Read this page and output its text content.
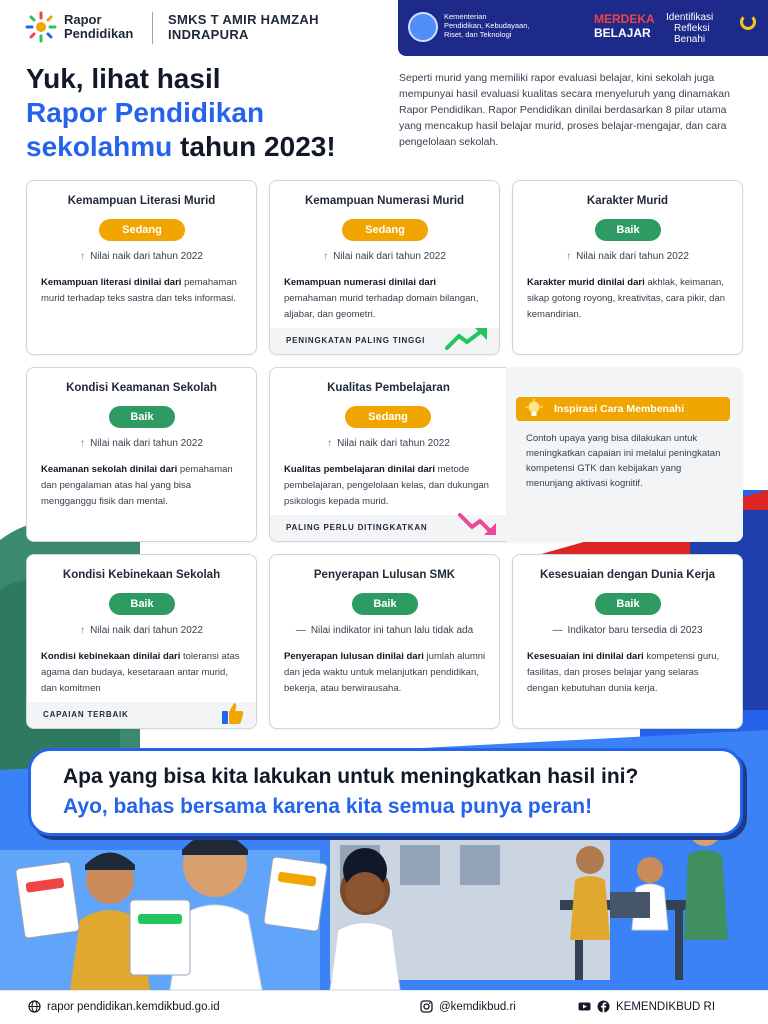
Rapor
Pendidikan
SMKS T AMIR HAMZAH
INDRAPURA
Kementerian
Pendidikan, Kebudayaan,
Riset, dan Teknologi
MERDEKA
BELAJAR
Identifikasi
Refleksi
Benahi
Yuk, lihat hasil
Rapor Pendidikan
sekolahmu tahun 2023!
Seperti murid yang memiliki rapor evaluasi belajar, kini sekolah juga mempunyai hasil evaluasi kualitas secara menyeluruh yang dinamakan Rapor Pendidikan. Rapor Pendidikan dinilai berdasarkan 8 pilar utama yang mencakup hasil belajar murid, proses belajar-mengajar, dan cara pengelolaan sekolah.
Kemampuan Literasi Murid
Sedang
↑ Nilai naik dari tahun 2022
Kemampuan literasi dinilai dari pemahaman murid terhadap teks sastra dan teks informasi.
Kemampuan Numerasi Murid
Sedang
↑ Nilai naik dari tahun 2022
Kemampuan numerasi dinilai dari pemahaman murid terhadap domain bilangan, aljabar, dan geometri.
PENINGKATAN PALING TINGGI
Karakter Murid
Baik
↑ Nilai naik dari tahun 2022
Karakter murid dinilai dari akhlak, keimanan, sikap gotong royong, kreativitas, cara pikir, dan kemandirian.
Kondisi Keamanan Sekolah
Baik
↑ Nilai naik dari tahun 2022
Keamanan sekolah dinilai dari pemahaman dan pengalaman atas hal yang bisa mengganggu fisik dan mental.
Kualitas Pembelajaran
Sedang
↑ Nilai naik dari tahun 2022
Kualitas pembelajaran dinilai dari metode pembelajaran, pengelolaan kelas, dan dukungan psikologis kepada murid.
PALING PERLU DITINGKATKAN
Inspirasi Cara Membenahi
Contoh upaya yang bisa dilakukan untuk meningkatkan capaian ini melalui peningkatan kompetensi GTK dan kebijakan yang menunjang aktivasi kognitif.
Kondisi Kebinekaan Sekolah
Baik
↑ Nilai naik dari tahun 2022
Kondisi kebinekaan dinilai dari toleransi atas agama dan budaya, kesetaraan antar murid, dan komitmen
CAPAIAN TERBAIK
Penyerapan Lulusan SMK
Baik
— Nilai indikator ini tahun lalu tidak ada
Penyerapan lulusan dinilai dari jumlah alumni dan jeda waktu untuk melanjutkan pendidikan, bekerja, atau berwirausaha.
Kesesuaian dengan Dunia Kerja
Baik
— Indikator baru tersedia di 2023
Kesesuaian ini dinilai dari kompetensi guru, fasilitas, dan proses belajar yang selaras dengan kebutuhan dunia kerja.
Apa yang bisa kita lakukan untuk meningkatkan hasil ini?
Ayo, bahas bersama karena kita semua punya peran!
rapor pendidikan.kemdikbud.go.id	@kemdikbud.ri	KEMENDIKBUD RI
